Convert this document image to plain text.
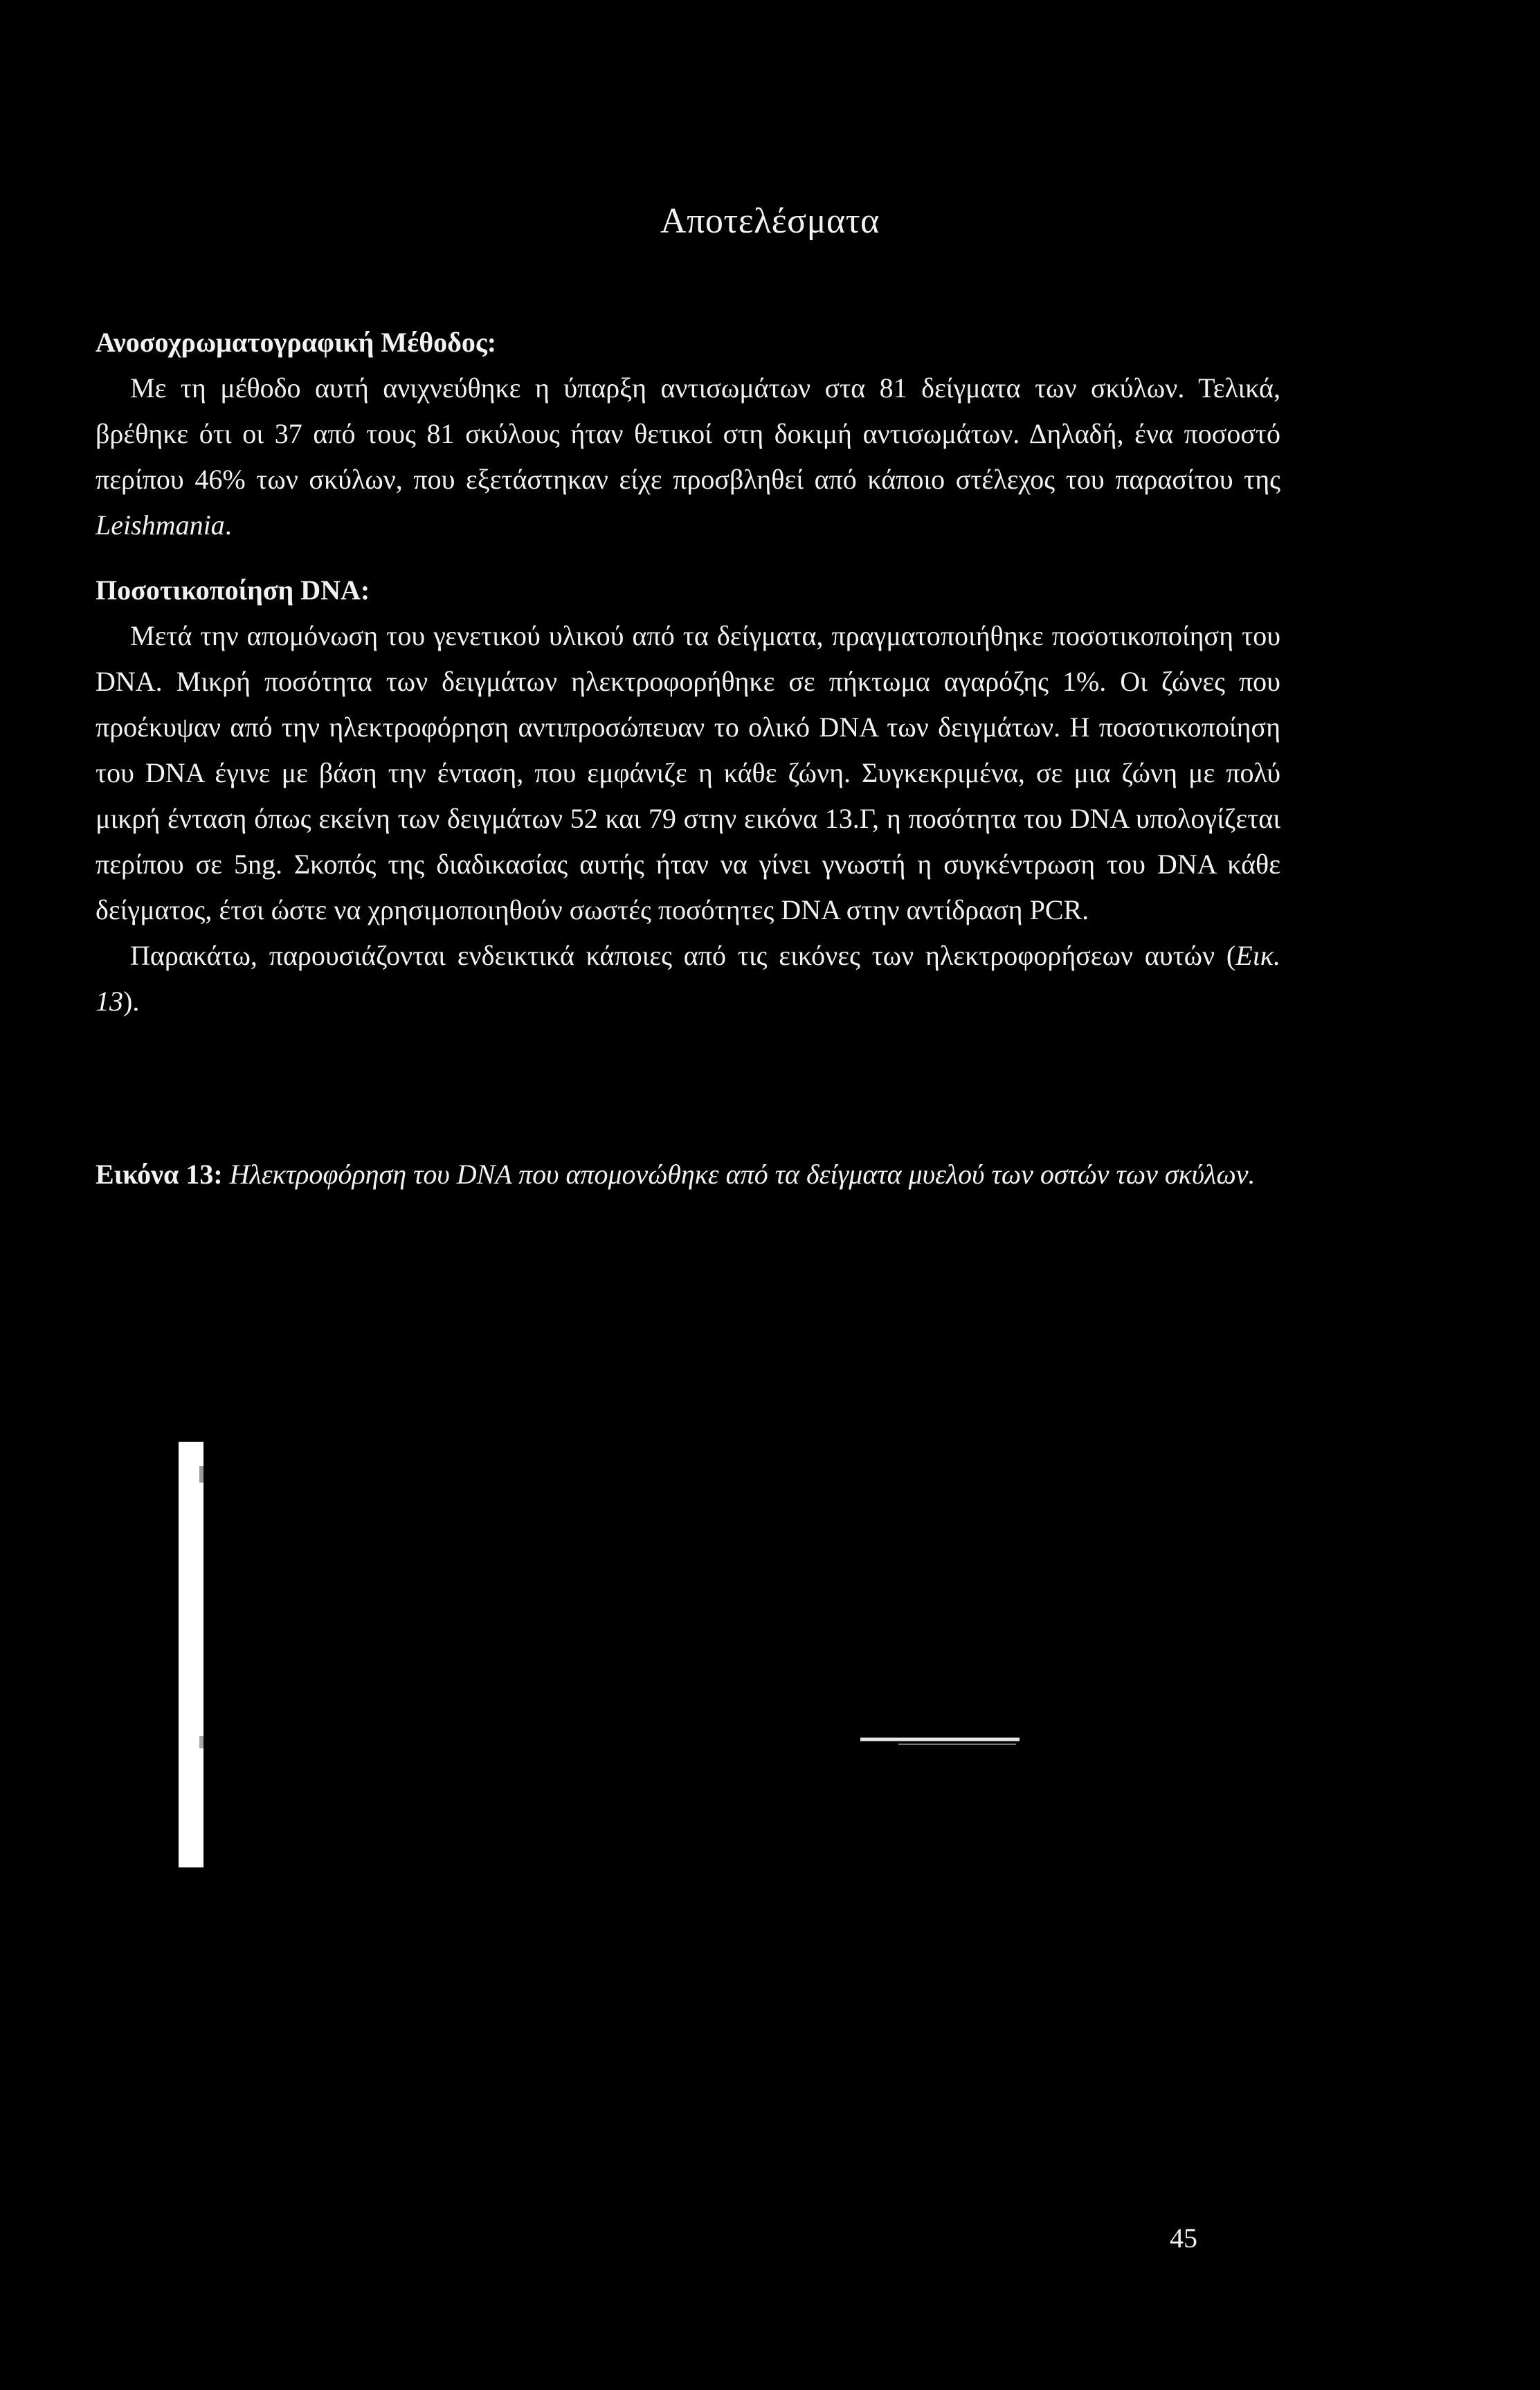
Αποτελέσματα
Ανοσοχρωματογραφική Μέθοδος:

Με τη μέθοδο αυτή ανιχνεύθηκε η ύπαρξη αντισωμάτων στα 81 δείγματα των σκύλων. Τελικά, βρέθηκε ότι οι 37 από τους 81 σκύλους ήταν θετικοί στη δοκιμή αντισωμάτων. Δηλαδή, ένα ποσοστό περίπου 46% των σκύλων, που εξετάστηκαν είχε προσβληθεί από κάποιο στέλεχος του παρασίτου της Leishmania.

Ποσοτικοποίηση DNA:

Μετά την απομόνωση του γενετικού υλικού από τα δείγματα, πραγματοποιήθηκε ποσοτικοποίηση του DNA. Μικρή ποσότητα των δειγμάτων ηλεκτροφορήθηκε σε πήκτωμα αγαρόζης 1%. Οι ζώνες που προέκυψαν από την ηλεκτροφόρηση αντιπροσώπευαν το ολικό DNA των δειγμάτων. Η ποσοτικοποίηση του DNA έγινε με βάση την ένταση, που εμφάνιζε η κάθε ζώνη. Συγκεκριμένα, σε μια ζώνη με πολύ μικρή ένταση όπως εκείνη των δειγμάτων 52 και 79 στην εικόνα 13.Γ, η ποσότητα του DNA υπολογίζεται περίπου σε 5ng. Σκοπός της διαδικασίας αυτής ήταν να γίνει γνωστή η συγκέντρωση του DNA κάθε δείγματος, έτσι ώστε να χρησιμοποιηθούν σωστές ποσότητες DNA στην αντίδραση PCR.

Παρακάτω, παρουσιάζονται ενδεικτικά κάποιες από τις εικόνες των ηλεκτροφορήσεων αυτών (Εικ. 13).

Εικόνα 13: Ηλεκτροφόρηση του DNA που απομονώθηκε από τα δείγματα μυελού των οστών των σκύλων.
45
